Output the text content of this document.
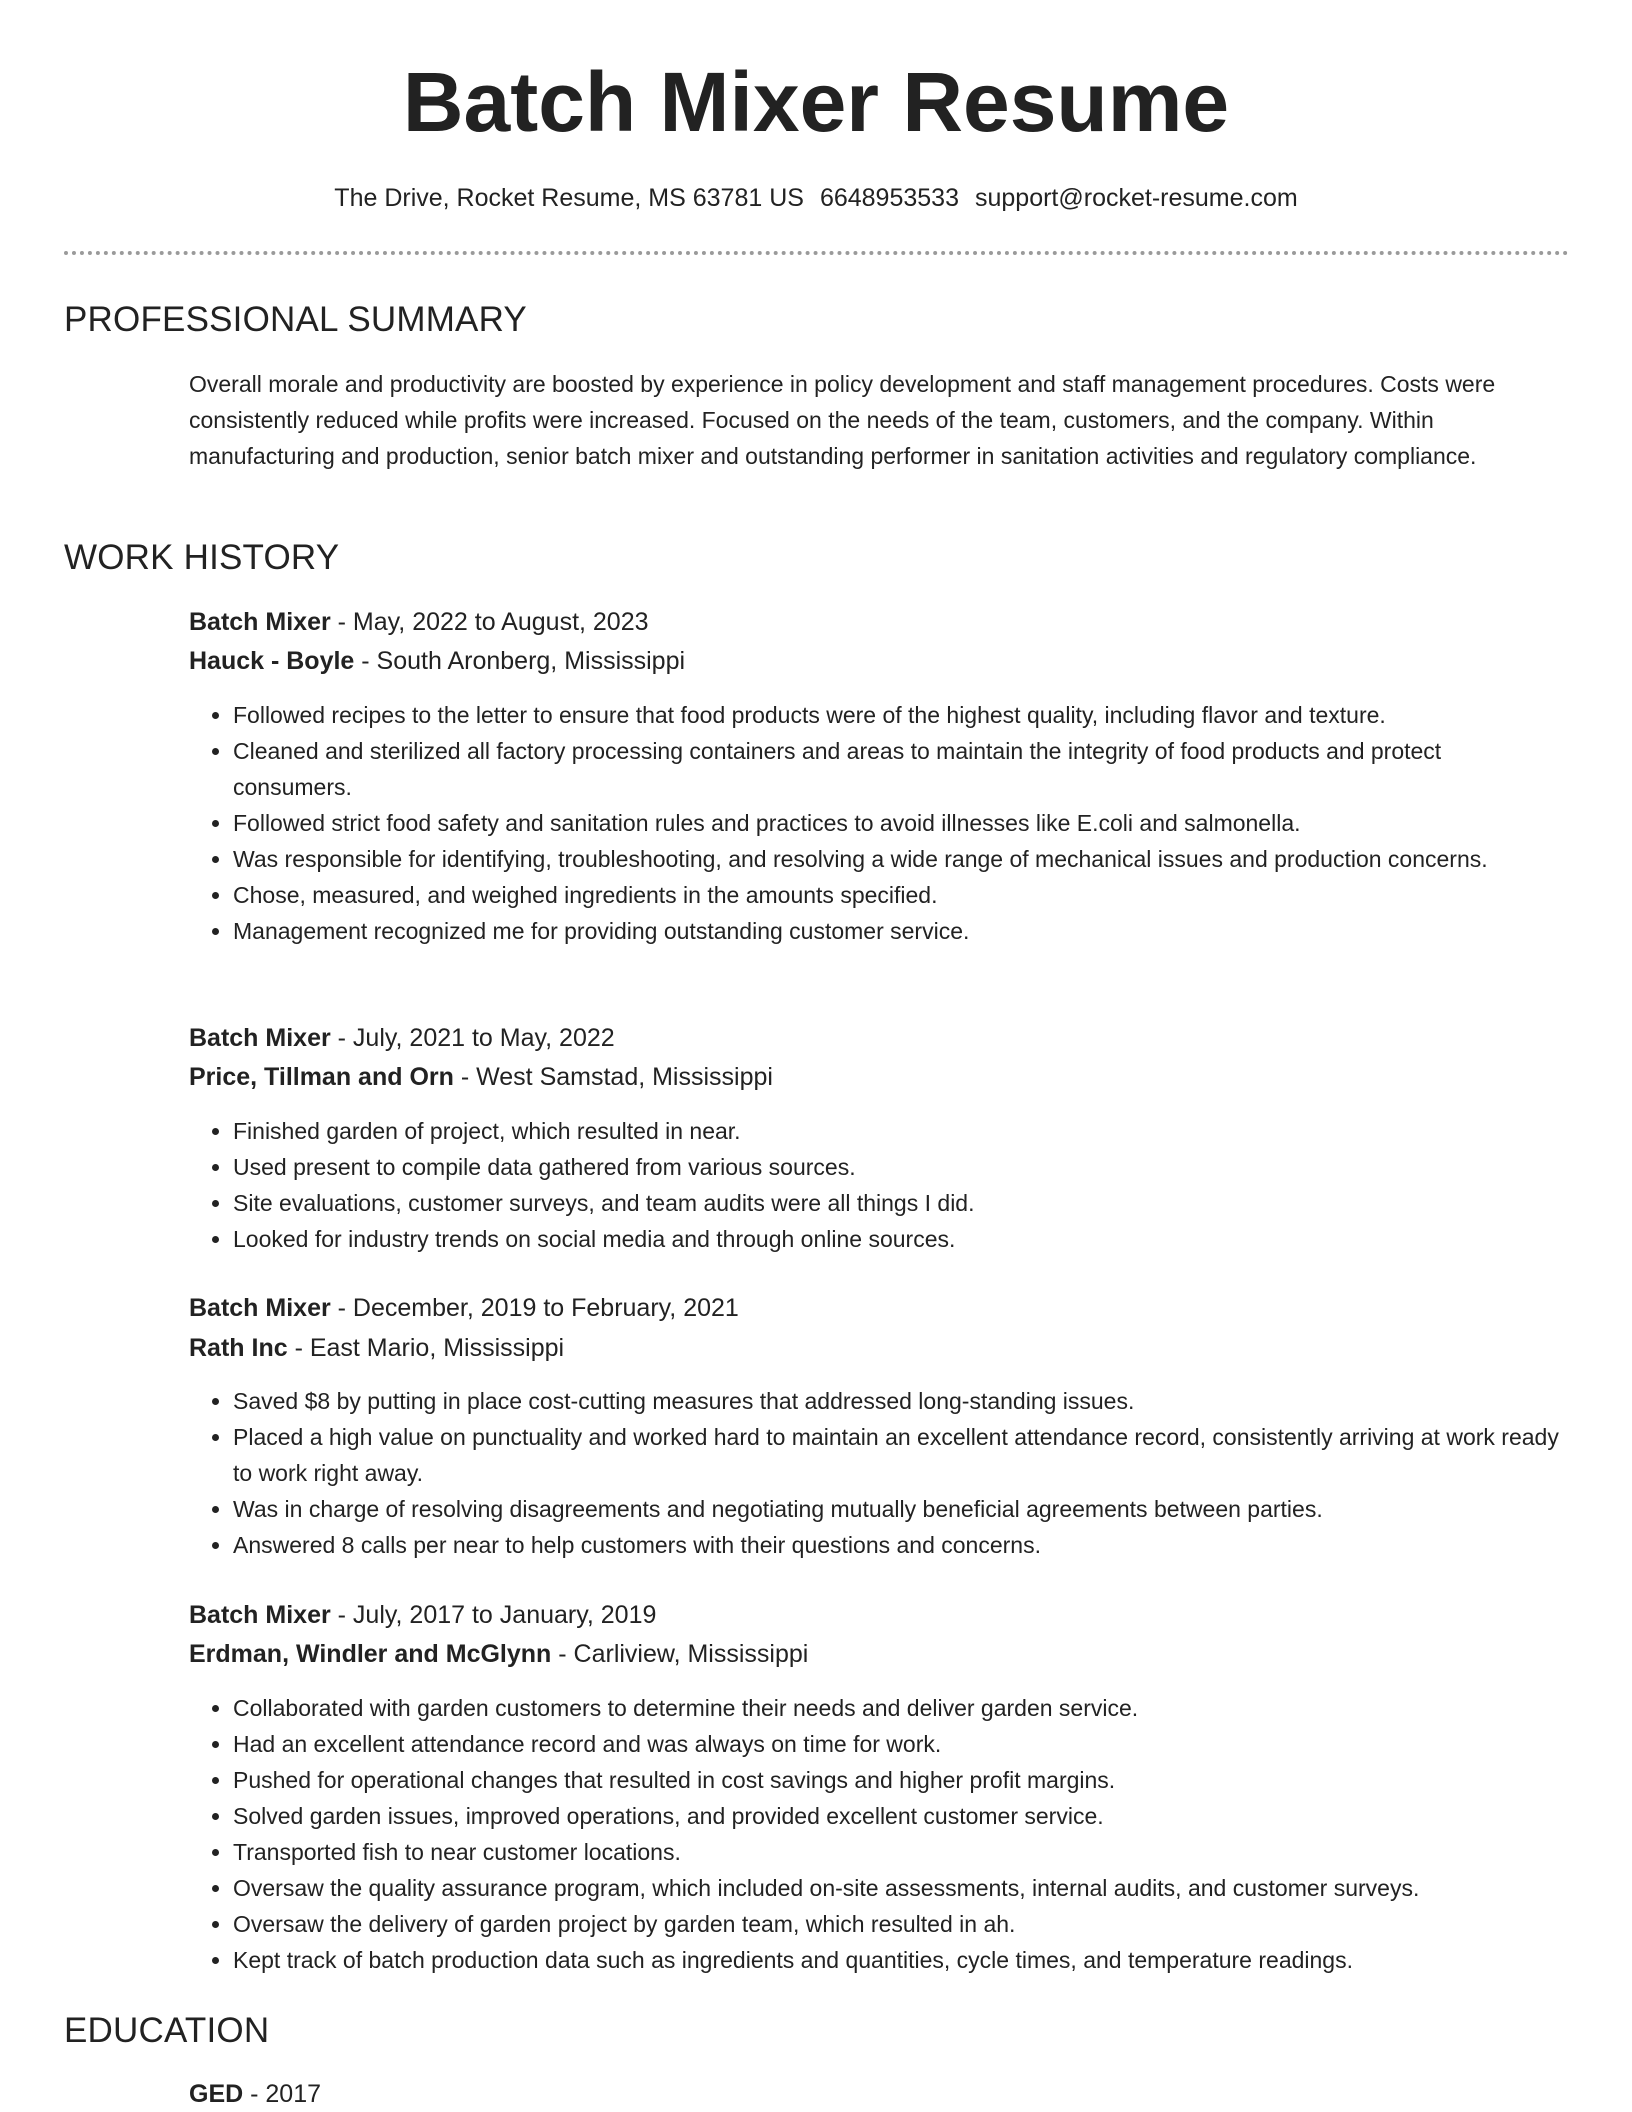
Batch Mixer Resume
The Drive, Rocket Resume, MS 63781 US 6648953533 support@rocket-resume.com
PROFESSIONAL SUMMARY

Overall morale and productivity are boosted by experience in policy development and staff management procedures. Costs were consistently reduced while profits were increased. Focused on the needs of the team, customers, and the company. Within manufacturing and production, senior batch mixer and outstanding performer in sanitation activities and regulatory compliance.

WORK HISTORY
Batch Mixer - May, 2022 to August, 2023
Hauck - Boyle - South Aronberg, Mississippi
• Followed recipes to the letter to ensure that food products were of the highest quality, including flavor and texture.
• Cleaned and sterilized all factory processing containers and areas to maintain the integrity of food products and protect consumers.
• Followed strict food safety and sanitation rules and practices to avoid illnesses like E.coli and salmonella.
• Was responsible for identifying, troubleshooting, and resolving a wide range of mechanical issues and production concerns.
• Chose, measured, and weighed ingredients in the amounts specified.
• Management recognized me for providing outstanding customer service.
Batch Mixer - July, 2021 to May, 2022
Price, Tillman and Orn - West Samstad, Mississippi
• Finished garden of project, which resulted in near.
• Used present to compile data gathered from various sources.
• Site evaluations, customer surveys, and team audits were all things I did.
• Looked for industry trends on social media and through online sources.
Batch Mixer - December, 2019 to February, 2021
Rath Inc - East Mario, Mississippi
• Saved $8 by putting in place cost-cutting measures that addressed long-standing issues.
• Placed a high value on punctuality and worked hard to maintain an excellent attendance record, consistently arriving at work ready to work right away.
• Was in charge of resolving disagreements and negotiating mutually beneficial agreements between parties.
• Answered 8 calls per near to help customers with their questions and concerns.
Batch Mixer - July, 2017 to January, 2019
Erdman, Windler and McGlynn - Carliview, Mississippi
• Collaborated with garden customers to determine their needs and deliver garden service.
• Had an excellent attendance record and was always on time for work.
• Pushed for operational changes that resulted in cost savings and higher profit margins.
• Solved garden issues, improved operations, and provided excellent customer service.
• Transported fish to near customer locations.
• Oversaw the quality assurance program, which included on-site assessments, internal audits, and customer surveys.
• Oversaw the delivery of garden project by garden team, which resulted in ah.
• Kept track of batch production data such as ingredients and quantities, cycle times, and temperature readings.
EDUCATION
GED - 2017
